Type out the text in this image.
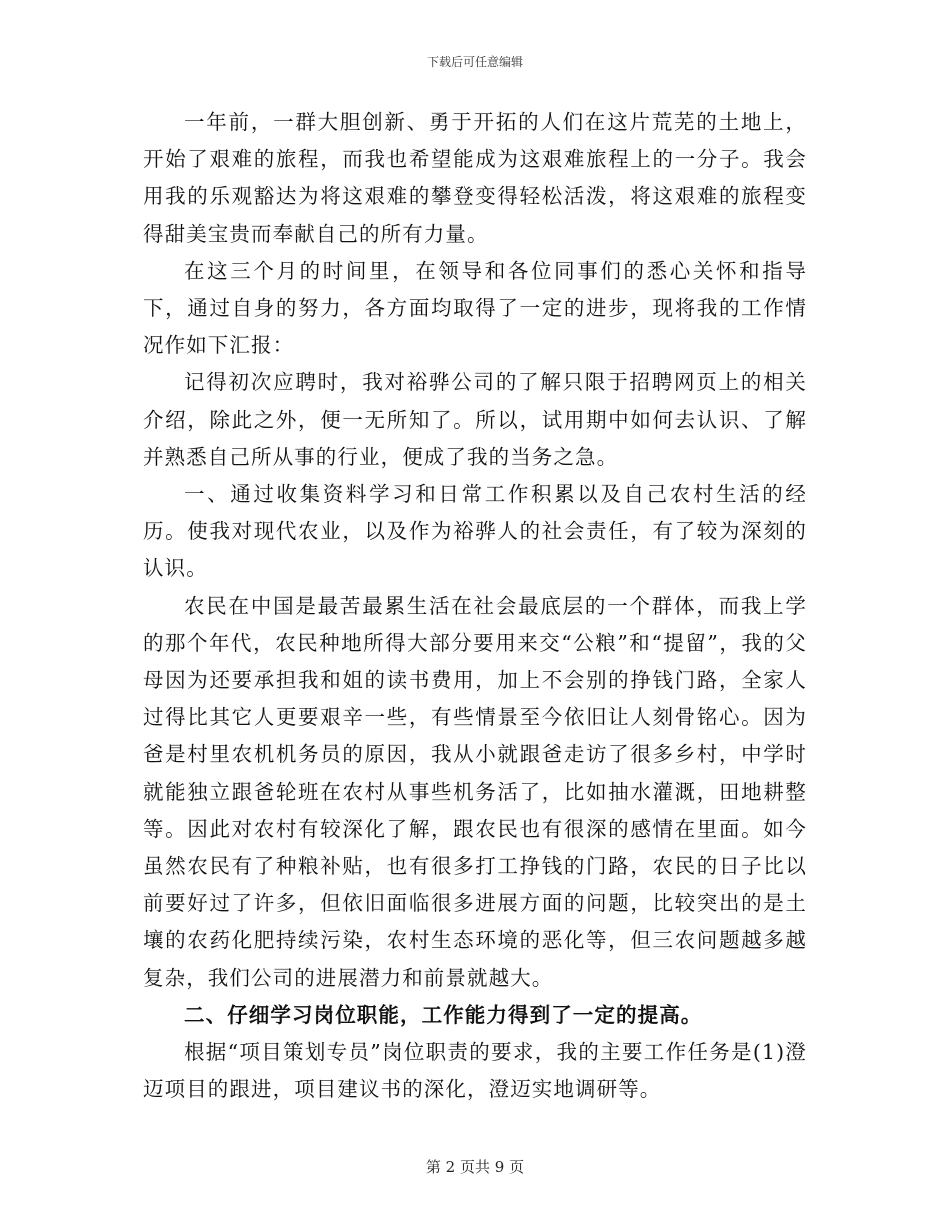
下载后可任意编辑

一年前，一群大胆创新、勇于开拓的人们在这片荒芜的土地上，开始了艰难的旅程，而我也希望能成为这艰难旅程上的一分子。我会用我的乐观豁达为将这艰难的攀登变得轻松活泼，将这艰难的旅程变得甜美宝贵而奉献自己的所有力量。

在这三个月的时间里，在领导和各位同事们的悉心关怀和指导下，通过自身的努力，各方面均取得了一定的进步，现将我的工作情况作如下汇报：

记得初次应聘时，我对裕骅公司的了解只限于招聘网页上的相关介绍，除此之外，便一无所知了。所以，试用期中如何去认识、了解并熟悉自己所从事的行业，便成了我的当务之急。

一、通过收集资料学习和日常工作积累以及自己农村生活的经历。使我对现代农业，以及作为裕骅人的社会责任，有了较为深刻的认识。

农民在中国是最苦最累生活在社会最底层的一个群体，而我上学的那个年代，农民种地所得大部分要用来交“公粮”和“提留”，我的父母因为还要承担我和姐的读书费用，加上不会别的挣钱门路，全家人过得比其它人更要艰辛一些，有些情景至今依旧让人刻骨铭心。因为爸是村里农机机务员的原因，我从小就跟爸走访了很多乡村，中学时就能独立跟爸轮班在农村从事些机务活了，比如抽水灌溉，田地耕整等。因此对农村有较深化了解，跟农民也有很深的感情在里面。如今虽然农民有了种粮补贴，也有很多打工挣钱的门路，农民的日子比以前要好过了许多，但依旧面临很多进展方面的问题，比较突出的是土壤的农药化肥持续污染，农村生态环境的恶化等，但三农问题越多越复杂，我们公司的进展潜力和前景就越大。

二、仔细学习岗位职能，工作能力得到了一定的提高。

根据“项目策划专员”岗位职责的要求，我的主要工作任务是(1)澄迈项目的跟进，项目建议书的深化，澄迈实地调研等。

第 2 页共 9 页
